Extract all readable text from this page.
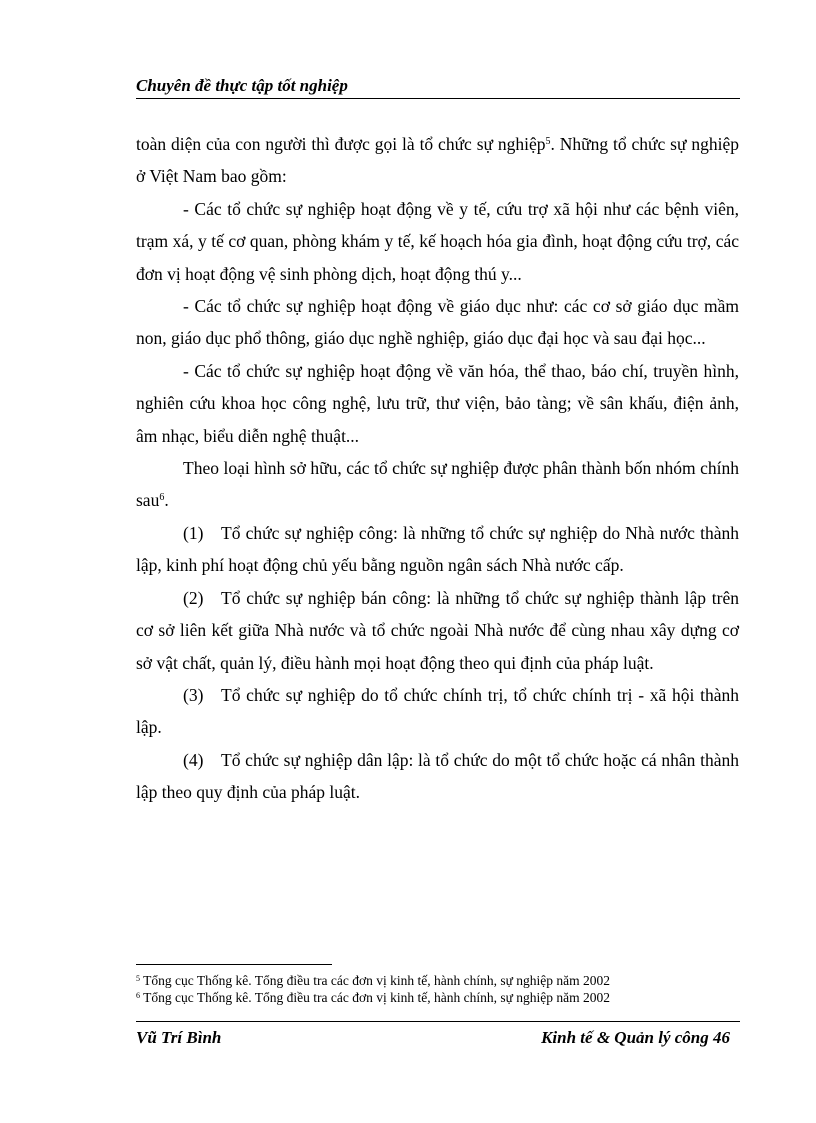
Chuyên đề thực tập tốt nghiệp

toàn diện của con người thì được gọi là tổ chức sự nghiệp$^5$. Những tổ chức sự nghiệp ở Việt Nam bao gồm:

- Các tổ chức sự nghiệp hoạt động về y tế, cứu trợ xã hội như các bệnh viên, trạm xá, y tế cơ quan, phòng khám y tế, kế hoạch hóa gia đình, hoạt động cứu trợ, các đơn vị hoạt động vệ sinh phòng dịch, hoạt động thú y...

- Các tổ chức sự nghiệp hoạt động về giáo dục như: các cơ sở giáo dục mầm non, giáo dục phổ thông, giáo dục nghề nghiệp, giáo dục đại học và sau đại học...

- Các tổ chức sự nghiệp hoạt động về văn hóa, thể thao, báo chí, truyền hình, nghiên cứu khoa học công nghệ, lưu trữ, thư viện, bảo tàng; về sân khấu, điện ảnh, âm nhạc, biểu diễn nghệ thuật...

Theo loại hình sở hữu, các tổ chức sự nghiệp được phân thành bốn nhóm chính sau$^6$.

(1) Tổ chức sự nghiệp công: là những tổ chức sự nghiệp do Nhà nước thành lập, kinh phí hoạt động chủ yếu bằng nguồn ngân sách Nhà nước cấp.

(2) Tổ chức sự nghiệp bán công: là những tổ chức sự nghiệp thành lập trên cơ sở liên kết giữa Nhà nước và tổ chức ngoài Nhà nước để cùng nhau xây dựng cơ sở vật chất, quản lý, điều hành mọi hoạt động theo qui định của pháp luật.

(3) Tổ chức sự nghiệp do tổ chức chính trị, tổ chức chính trị - xã hội thành lập.

(4) Tổ chức sự nghiệp dân lập: là tổ chức do một tổ chức hoặc cá nhân thành lập theo quy định của pháp luật.

$^5$ Tổng cục Thống kê. Tổng điều tra các đơn vị kinh tế, hành chính, sự nghiệp năm 2002
$^6$ Tổng cục Thống kê. Tổng điều tra các đơn vị kinh tế, hành chính, sự nghiệp năm 2002
Vũ Trí Bình	Kinh tế & Quản lý công 46
